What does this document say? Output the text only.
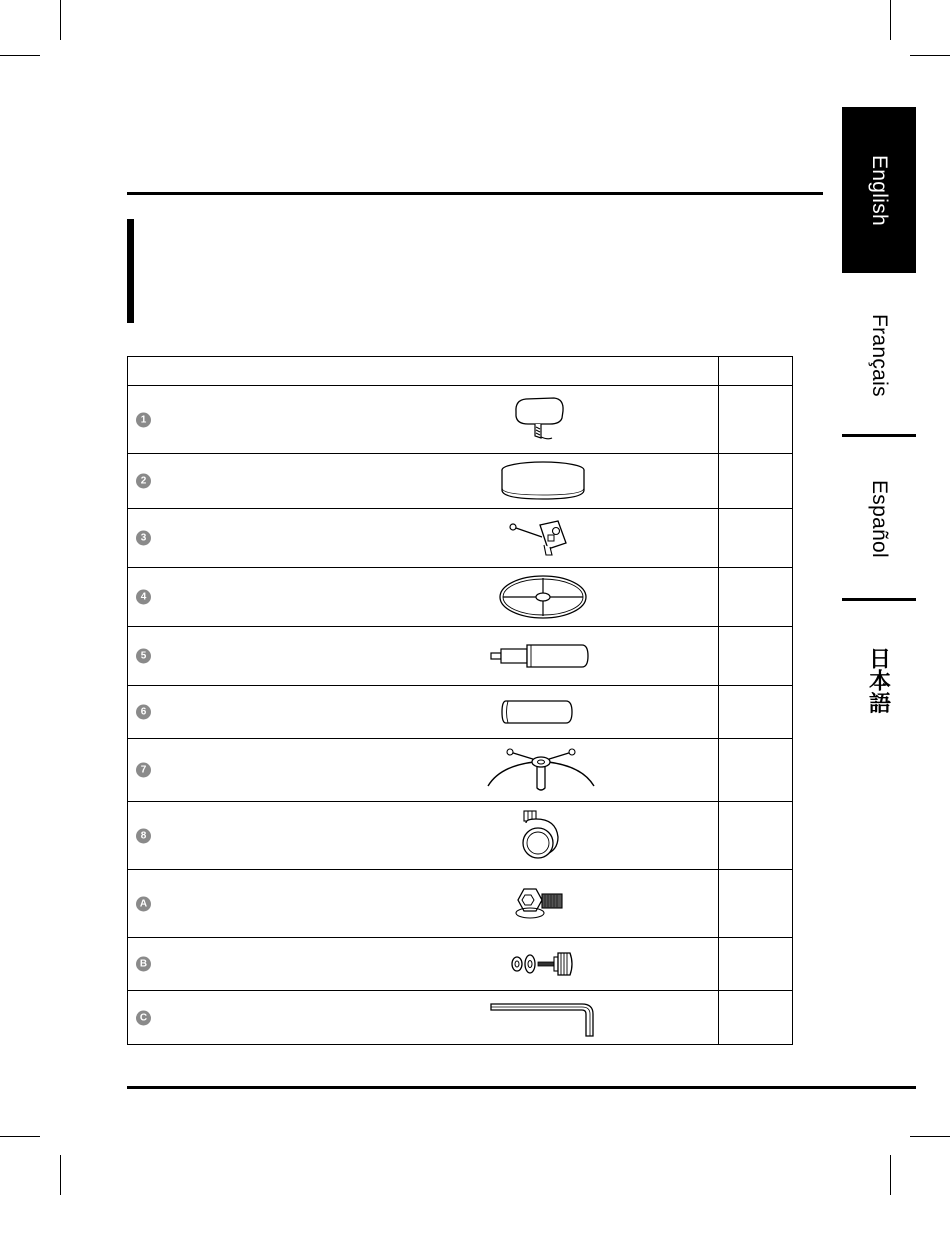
English
Français
Español
日本語

1	

2	

3	

4	

5	

6	

7	

8	

A	

B	

C	
